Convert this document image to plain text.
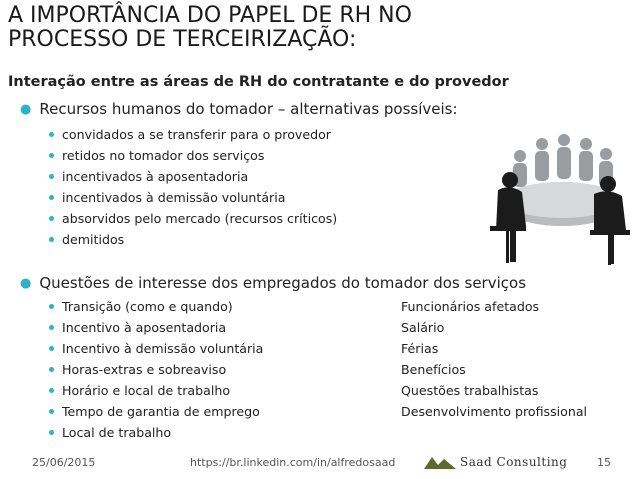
A IMPORTÂNCIA DO PAPEL DE RH NO
PROCESSO DE TERCEIRIZAÇÃO:
Interação entre as áreas de RH do contratante e do provedor
● Recursos humanos do tomador – alternativas possíveis:
convidados a se transferir para o provedor
retidos no tomador dos serviços
incentivados à aposentadoria
incentivados à demissão voluntária
absorvidos pelo mercado (recursos críticos)
demitidos
● Questões de interesse dos empregados do tomador dos serviços
Transição (como e quando)
Incentivo à aposentadoria
Incentivo à demissão voluntária
Horas-extras e sobreaviso
Horário e local de trabalho
Tempo de garantia de emprego
Local de trabalho
Funcionários afetados
Salário
Férias
Benefícios
Questões trabalhistas
Desenvolvimento profissional
25/06/2015	https://br.linkedin.com/in/alfredosaad	Saad Consulting	15
